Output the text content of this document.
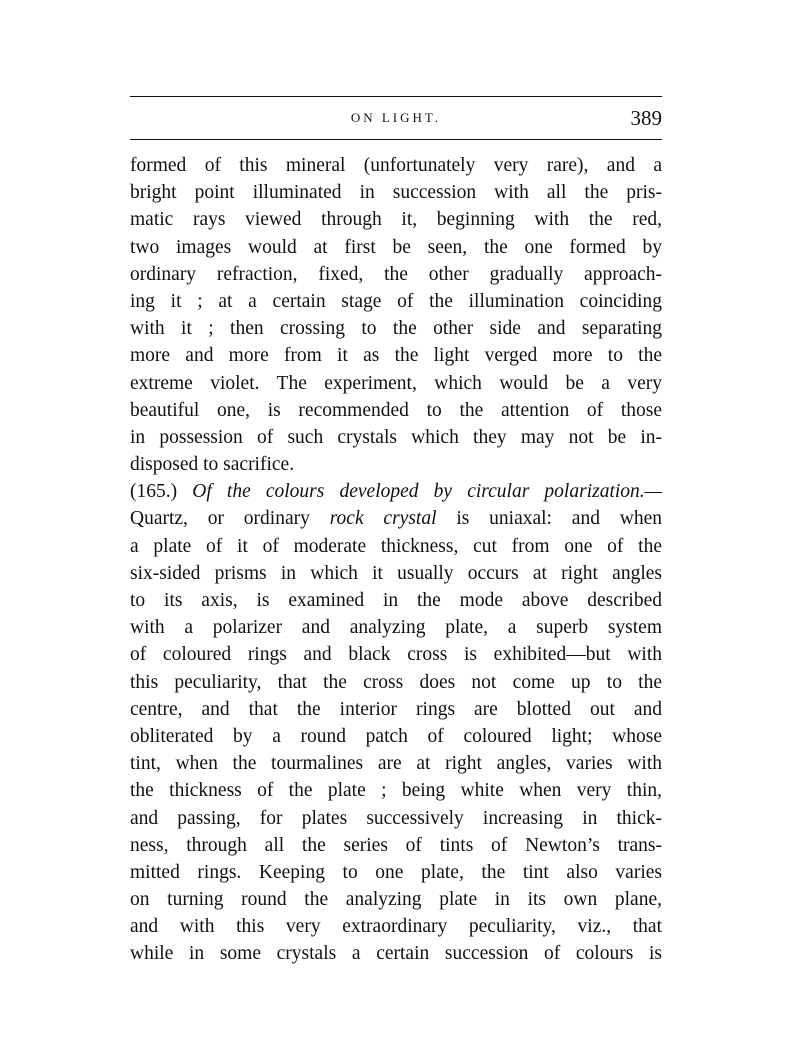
ON LIGHT.	389
formed of this mineral (unfortunately very rare), and a
bright point illuminated in succession with all the pris-
matic rays viewed through it, beginning with the red,
two images would at first be seen, the one formed by
ordinary refraction, fixed, the other gradually approach-
ing it ; at a certain stage of the illumination coinciding
with it ; then crossing to the other side and separating
more and more from it as the light verged more to the
extreme violet. The experiment, which would be a very
beautiful one, is recommended to the attention of those
in possession of such crystals which they may not be in-
disposed to sacrifice.
(165.) Of the colours developed by circular polarization.—
Quartz, or ordinary rock crystal is uniaxal: and when
a plate of it of moderate thickness, cut from one of the
six-sided prisms in which it usually occurs at right angles
to its axis, is examined in the mode above described
with a polarizer and analyzing plate, a superb system
of coloured rings and black cross is exhibited—but with
this peculiarity, that the cross does not come up to the
centre, and that the interior rings are blotted out and
obliterated by a round patch of coloured light; whose
tint, when the tourmalines are at right angles, varies with
the thickness of the plate ; being white when very thin,
and passing, for plates successively increasing in thick-
ness, through all the series of tints of Newton’s trans-
mitted rings. Keeping to one plate, the tint also varies
on turning round the analyzing plate in its own plane,
and with this very extraordinary peculiarity, viz., that
while in some crystals a certain succession of colours is
